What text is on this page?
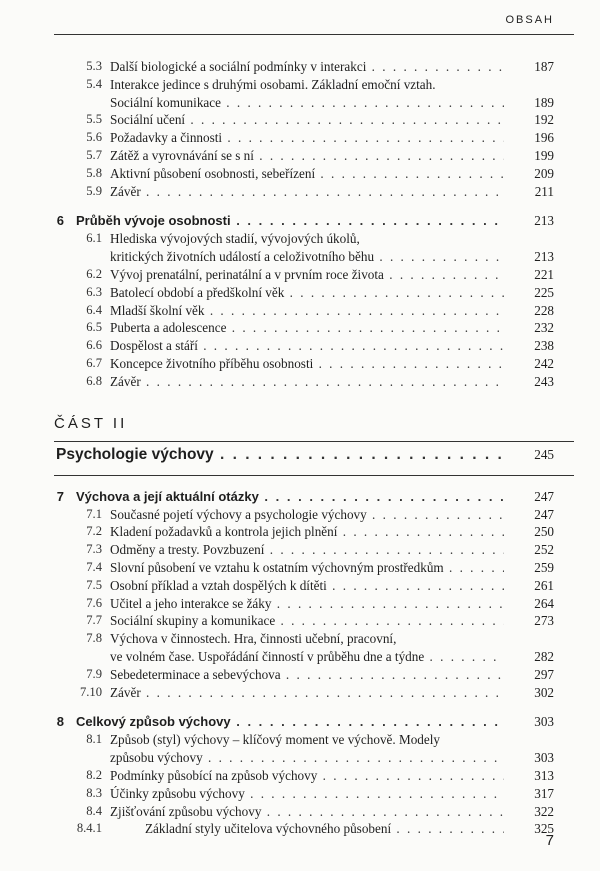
OBSAH
5.3 Další biologické a sociální podmínky v interakci . . .	187
5.4 Interakce jedince s druhými osobami. Základní emoční vztah.
Sociální komunikace . . .	189
5.5 Sociální učení . . .	192
5.6 Požadavky a činnosti . . .	196
5.7 Zátěž a vyrovnávání se s ní . . .	199
5.8 Aktivní působení osobnosti, sebeřízení . . .	209
5.9 Závěr . . .	211
6 Průběh vývoje osobnosti . . .	213
6.1 Hlediska vývojových stadií, vývojových úkolů,
kritických životních událostí a celoživotního běhu . . .	213
6.2 Vývoj prenatální, perinatální a v prvním roce života . . .	221
6.3 Batolecí období a předškolní věk . . .	225
6.4 Mladší školní věk . . .	228
6.5 Puberta a adolescence . . .	232
6.6 Dospělost a stáří . . .	238
6.7 Koncepce životního příběhu osobnosti . . .	242
6.8 Závěr . . .	243
ČÁST II
Psychologie výchovy . . .	245
7 Výchova a její aktuální otázky . . .	247
7.1 Současné pojetí výchovy a psychologie výchovy . . .	247
7.2 Kladení požadavků a kontrola jejich plnění . . .	250
7.3 Odměny a tresty. Povzbuzení . . .	252
7.4 Slovní působení ve vztahu k ostatním výchovným prostředkům . . .	259
7.5 Osobní příklad a vztah dospělých k dítěti . . .	261
7.6 Učitel a jeho interakce se žáky . . .	264
7.7 Sociální skupiny a komunikace . . .	273
7.8 Výchova v činnostech. Hra, činnosti učební, pracovní,
ve volném čase. Uspořádání činností v průběhu dne a týdne . . .	282
7.9 Sebedeterminace a sebevýchova . . .	297
7.10 Závěr . . .	302
8 Celkový způsob výchovy . . .	303
8.1 Způsob (styl) výchovy – klíčový moment ve výchově. Modely
způsobu výchovy . . .	303
8.2 Podmínky působící na způsob výchovy . . .	313
8.3 Účinky způsobu výchovy . . .	317
8.4 Zjišťování způsobu výchovy . . .	322
8.4.1	Základní styly učitelova výchovného působení . . .	325
7
